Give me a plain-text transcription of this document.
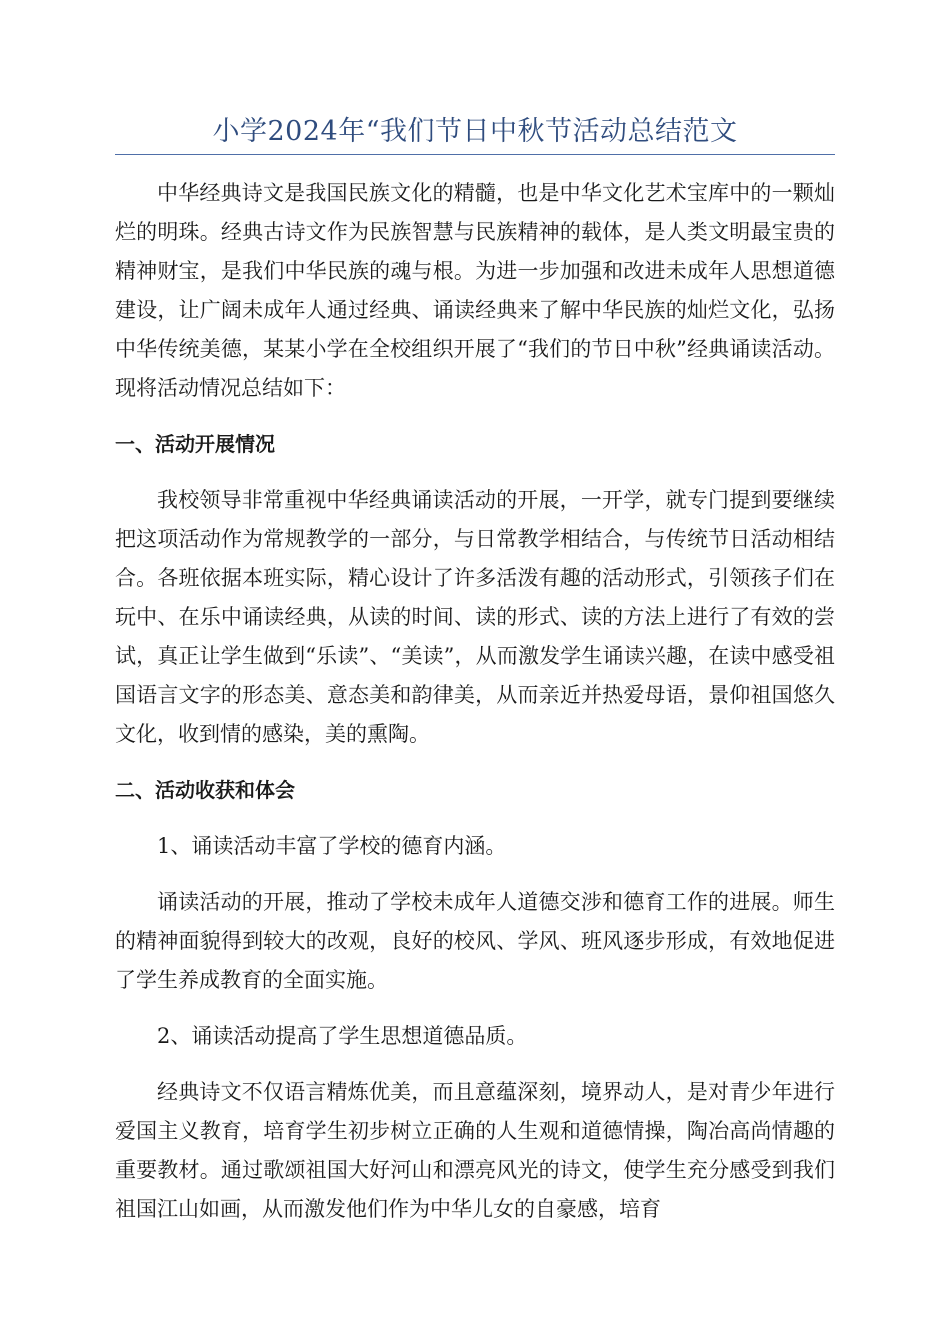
小学2024年“我们节日中秋节活动总结范文

中华经典诗文是我国民族文化的精髓，也是中华文化艺术宝库中的一颗灿烂的明珠。经典古诗文作为民族智慧与民族精神的载体，是人类文明最宝贵的精神财宝，是我们中华民族的魂与根。为进一步加强和改进未成年人思想道德建设，让广阔未成年人通过经典、诵读经典来了解中华民族的灿烂文化，弘扬中华传统美德，某某小学在全校组织开展了“我们的节日中秋”经典诵读活动。现将活动情况总结如下：

一、活动开展情况

我校领导非常重视中华经典诵读活动的开展，一开学，就专门提到要继续把这项活动作为常规教学的一部分，与日常教学相结合，与传统节日活动相结合。各班依据本班实际，精心设计了许多活泼有趣的活动形式，引领孩子们在玩中、在乐中诵读经典，从读的时间、读的形式、读的方法上进行了有效的尝试，真正让学生做到“乐读”、“美读”，从而激发学生诵读兴趣，在读中感受祖国语言文字的形态美、意态美和韵律美，从而亲近并热爱母语，景仰祖国悠久文化，收到情的感染，美的熏陶。

二、活动收获和体会

1、诵读活动丰富了学校的德育内涵。

诵读活动的开展，推动了学校未成年人道德交涉和德育工作的进展。师生的精神面貌得到较大的改观，良好的校风、学风、班风逐步形成，有效地促进了学生养成教育的全面实施。

2、诵读活动提高了学生思想道德品质。

经典诗文不仅语言精炼优美，而且意蕴深刻，境界动人，是对青少年进行爱国主义教育，培育学生初步树立正确的人生观和道德情操，陶冶高尚情趣的重要教材。通过歌颂祖国大好河山和漂亮风光的诗文，使学生充分感受到我们祖国江山如画，从而激发他们作为中华儿女的自豪感，培育
